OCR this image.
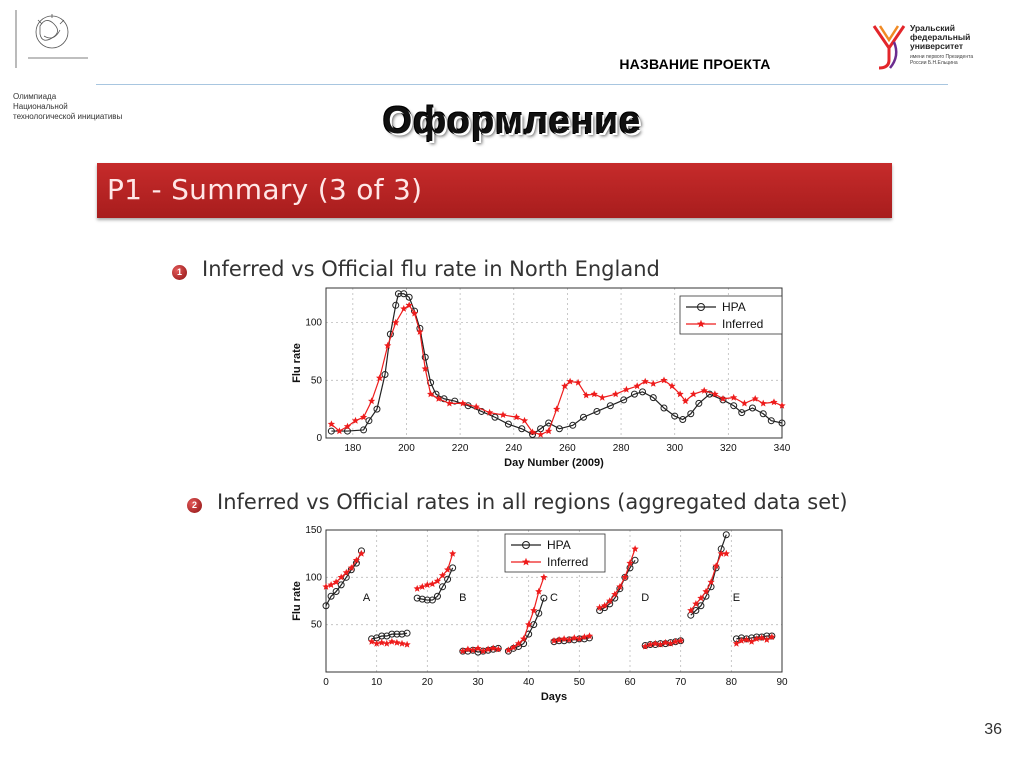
Олимпиада
Национальной
технологической инициативы
НАЗВАНИЕ ПРОЕКТА
Уральский
федеральный
университет
имени первого Президента России Б.Н.Ельцина
Оформление
P1 - Summary (3 of 3)
1 Inferred vs Official flu rate in North England
2 Inferred vs Official rates in all regions (aggregated data set)
180	200	220	240	260	280	300	320	340
0
50
100
Day Number (2009)
Flu rate
HPA
Inferred
0	10	20	30	40	50	60	70	80	90
50
100
150
Days
Flu rate	A	B	C	D	E
HPA
Inferred
36
